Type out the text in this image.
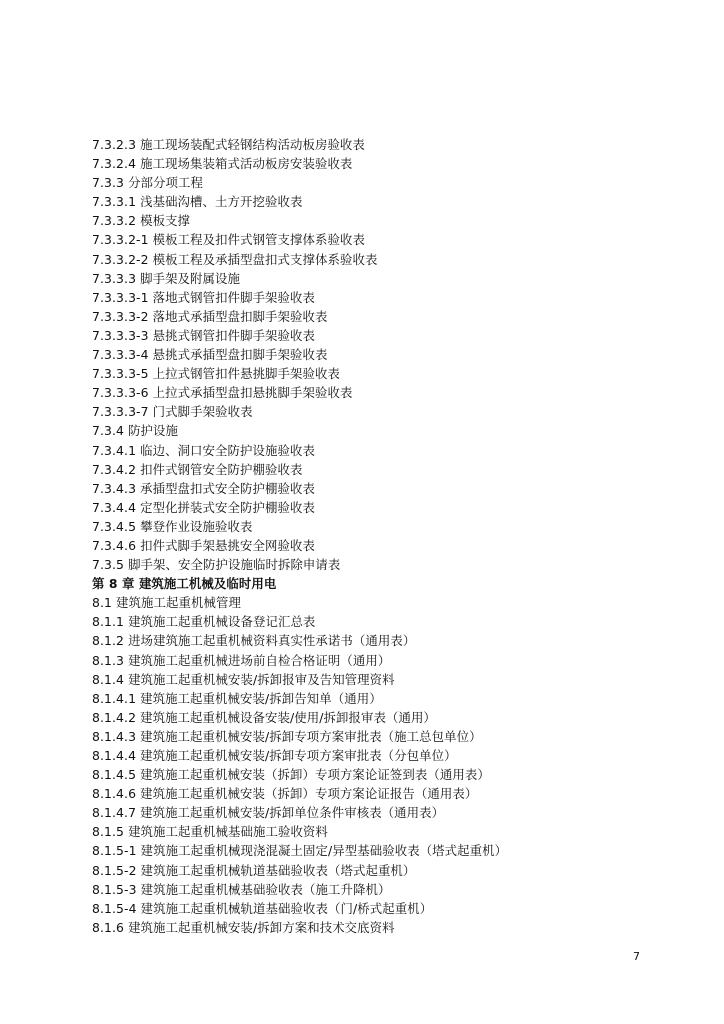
7.3.2.3 施工现场装配式轻钢结构活动板房验收表
7.3.2.4 施工现场集装箱式活动板房安装验收表
7.3.3 分部分项工程
7.3.3.1 浅基础沟槽、土方开挖验收表
7.3.3.2 模板支撑
7.3.3.2-1 模板工程及扣件式钢管支撑体系验收表
7.3.3.2-2 模板工程及承插型盘扣式支撑体系验收表
7.3.3.3 脚手架及附属设施
7.3.3.3-1 落地式钢管扣件脚手架验收表
7.3.3.3-2 落地式承插型盘扣脚手架验收表
7.3.3.3-3 悬挑式钢管扣件脚手架验收表
7.3.3.3-4 悬挑式承插型盘扣脚手架验收表
7.3.3.3-5 上拉式钢管扣件悬挑脚手架验收表
7.3.3.3-6 上拉式承插型盘扣悬挑脚手架验收表
7.3.3.3-7 门式脚手架验收表
7.3.4 防护设施
7.3.4.1 临边、洞口安全防护设施验收表
7.3.4.2 扣件式钢管安全防护棚验收表
7.3.4.3 承插型盘扣式安全防护棚验收表
7.3.4.4 定型化拼装式安全防护棚验收表
7.3.4.5 攀登作业设施验收表
7.3.4.6 扣件式脚手架悬挑安全网验收表
7.3.5 脚手架、安全防护设施临时拆除申请表
第 8 章 建筑施工机械及临时用电
8.1 建筑施工起重机械管理
8.1.1 建筑施工起重机械设备登记汇总表
8.1.2 进场建筑施工起重机械资料真实性承诺书（通用表）
8.1.3 建筑施工起重机械进场前自检合格证明（通用）
8.1.4 建筑施工起重机械安装/拆卸报审及告知管理资料
8.1.4.1 建筑施工起重机械安装/拆卸告知单（通用）
8.1.4.2 建筑施工起重机械设备安装/使用/拆卸报审表（通用）
8.1.4.3 建筑施工起重机械安装/拆卸专项方案审批表（施工总包单位）
8.1.4.4 建筑施工起重机械安装/拆卸专项方案审批表（分包单位）
8.1.4.5 建筑施工起重机械安装（拆卸）专项方案论证签到表（通用表）
8.1.4.6 建筑施工起重机械安装（拆卸）专项方案论证报告（通用表）
8.1.4.7 建筑施工起重机械安装/拆卸单位条件审核表（通用表）
8.1.5 建筑施工起重机械基础施工验收资料
8.1.5-1 建筑施工起重机械现浇混凝土固定/异型基础验收表（塔式起重机）
8.1.5-2 建筑施工起重机械轨道基础验收表（塔式起重机）
8.1.5-3 建筑施工起重机械基础验收表（施工升降机）
8.1.5-4 建筑施工起重机械轨道基础验收表（门/桥式起重机）
8.1.6 建筑施工起重机械安装/拆卸方案和技术交底资料
7
